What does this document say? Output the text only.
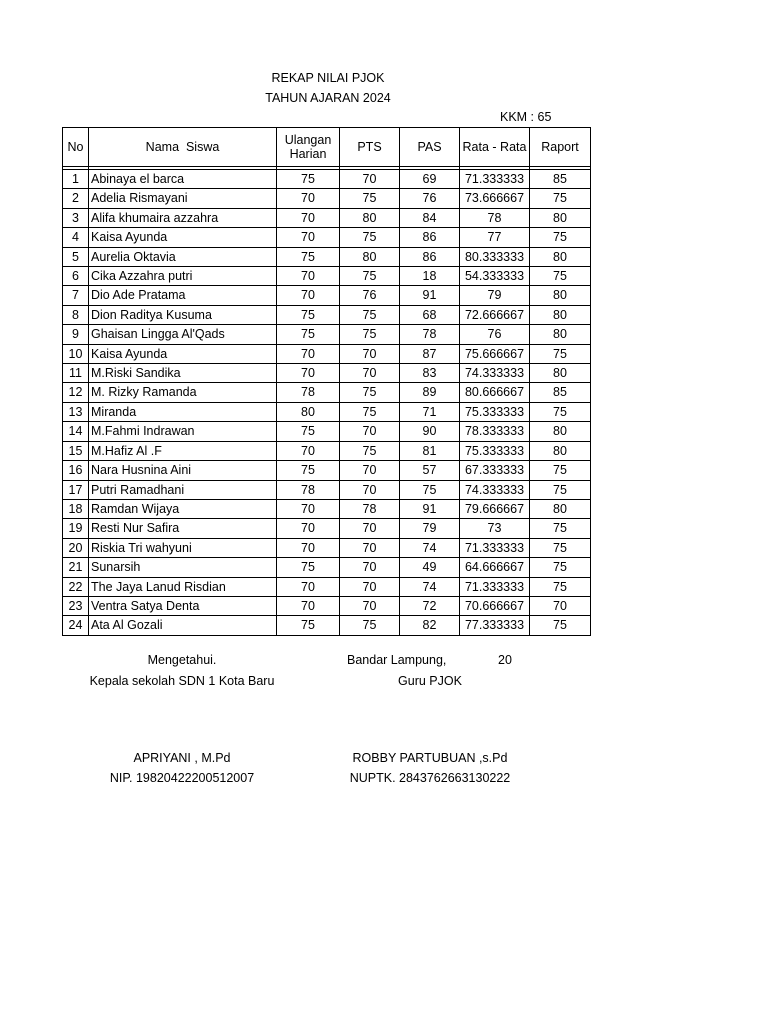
REKAP NILAI PJOK
TAHUN AJARAN 2024
KKM : 65
No	Nama  Siswa	Ulangan Harian	PTS	PAS	Rata - Rata	Raport

1	Abinaya el barca	75	70	69	71.333333	85
2	Adelia Rismayani	70	75	76	73.666667	75
3	Alifa khumaira azzahra	70	80	84	78	80
4	Kaisa Ayunda	70	75	86	77	75
5	Aurelia Oktavia	75	80	86	80.333333	80
6	Cika Azzahra putri	70	75	18	54.333333	75
7	Dio Ade Pratama	70	76	91	79	80
8	Dion Raditya Kusuma	75	75	68	72.666667	80
9	Ghaisan Lingga Al'Qads	75	75	78	76	80
10	Kaisa Ayunda	70	70	87	75.666667	75
11	M.Riski Sandika	70	70	83	74.333333	80
12	M. Rizky Ramanda	78	75	89	80.666667	85
13	Miranda	80	75	71	75.333333	75
14	M.Fahmi Indrawan	75	70	90	78.333333	80
15	M.Hafiz Al .F	70	75	81	75.333333	80
16	Nara Husnina Aini	75	70	57	67.333333	75
17	Putri Ramadhani	78	70	75	74.333333	75
18	Ramdan Wijaya	70	78	91	79.666667	80
19	Resti Nur Safira	70	70	79	73	75
20	Riskia Tri wahyuni	70	70	74	71.333333	75
21	Sunarsih	75	70	49	64.666667	75
22	The Jaya Lanud Risdian	70	70	74	71.333333	75
23	Ventra Satya Denta	70	70	72	70.666667	70
24	Ata Al Gozali	75	75	82	77.333333	75
Mengetahui.
Kepala sekolah SDN 1 Kota Baru
APRIYANI , M.Pd
NIP. 19820422200512007
Bandar Lampung,	20
Guru PJOK
ROBBY PARTUBUAN ,s.Pd
NUPTK. 2843762663130222
